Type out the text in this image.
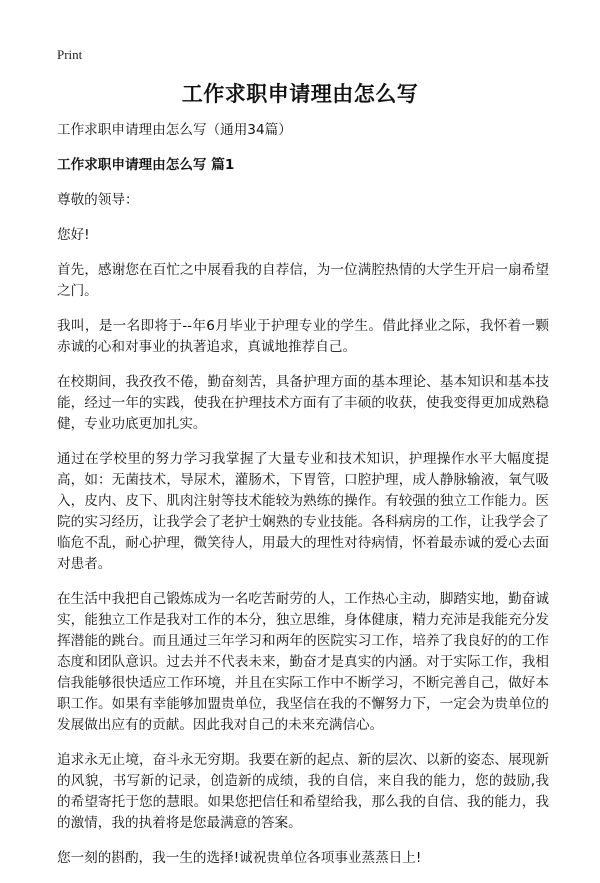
Print
工作求职申请理由怎么写

工作求职申请理由怎么写（通用34篇）

工作求职申请理由怎么写 篇1

尊敬的领导：

您好!

首先，感谢您在百忙之中展看我的自荐信，为一位满腔热情的大学生开启一扇希望之门。

我叫，是一名即将于--年6月毕业于护理专业的学生。借此择业之际，我怀着一颗赤诚的心和对事业的执著追求，真诚地推荐自己。

在校期间，我孜孜不倦，勤奋刻苦，具备护理方面的基本理论、基本知识和基本技能，经过一年的实践，使我在护理技术方面有了丰硕的收获，使我变得更加成熟稳健，专业功底更加扎实。

通过在学校里的努力学习我掌握了大量专业和技术知识，护理操作水平大幅度提高，如：无菌技术，导尿术，灌肠术，下胃管，口腔护理，成人静脉输液，氧气吸入，皮内、皮下、肌肉注射等技术能较为熟练的操作。有较强的独立工作能力。医院的实习经历，让我学会了老护士娴熟的专业技能。各科病房的工作，让我学会了临危不乱，耐心护理，微笑待人，用最大的理性对待病情，怀着最赤诚的爱心去面对患者。

在生活中我把自己锻炼成为一名吃苦耐劳的人，工作热心主动，脚踏实地，勤奋诚实，能独立工作是我对工作的本分，独立思维，身体健康，精力充沛是我能充分发挥潜能的跳台。而且通过三年学习和两年的医院实习工作，培养了我良好的的工作态度和团队意识。过去并不代表未来，勤奋才是真实的内涵。对于实际工作，我相信我能够很快适应工作环境，并且在实际工作中不断学习，不断完善自己，做好本职工作。如果有幸能够加盟贵单位，我坚信在我的不懈努力下，一定会为贵单位的发展做出应有的贡献。因此我对自己的未来充满信心。

追求永无止境，奋斗永无穷期。我要在新的起点、新的层次、以新的姿态、展现新的风貌，书写新的记录，创造新的成绩，我的自信，来自我的能力，您的鼓励,我的希望寄托于您的慧眼。如果您把信任和希望给我，那么我的自信、我的能力，我的激情，我的执着将是您最满意的答案。

您一刻的斟酌，我一生的选择!诚祝贵单位各项事业蒸蒸日上!
